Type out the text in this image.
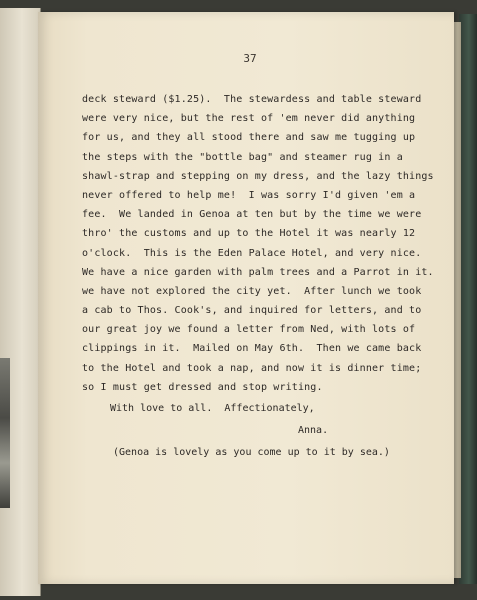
37
deck steward ($1.25).  The stewardess and table steward
were very nice, but the rest of 'em never did anything
for us, and they all stood there and saw me tugging up
the steps with the "bottle bag" and steamer rug in a
shawl-strap and stepping on my dress, and the lazy things
never offered to help me!  I was sorry I'd given 'em a
fee.  We landed in Genoa at ten but by the time we were
thro' the customs and up to the Hotel it was nearly 12
o'clock.  This is the Eden Palace Hotel, and very nice.
We have a nice garden with palm trees and a Parrot in it.
we have not explored the city yet.  After lunch we took
a cab to Thos. Cook's, and inquired for letters, and to
our great joy we found a letter from Ned, with lots of
clippings in it.  Mailed on May 6th.  Then we came back
to the Hotel and took a nap, and now it is dinner time;
so I must get dressed and stop writing.
With love to all.  Affectionately,
Anna.
(Genoa is lovely as you come up to it by sea.)
